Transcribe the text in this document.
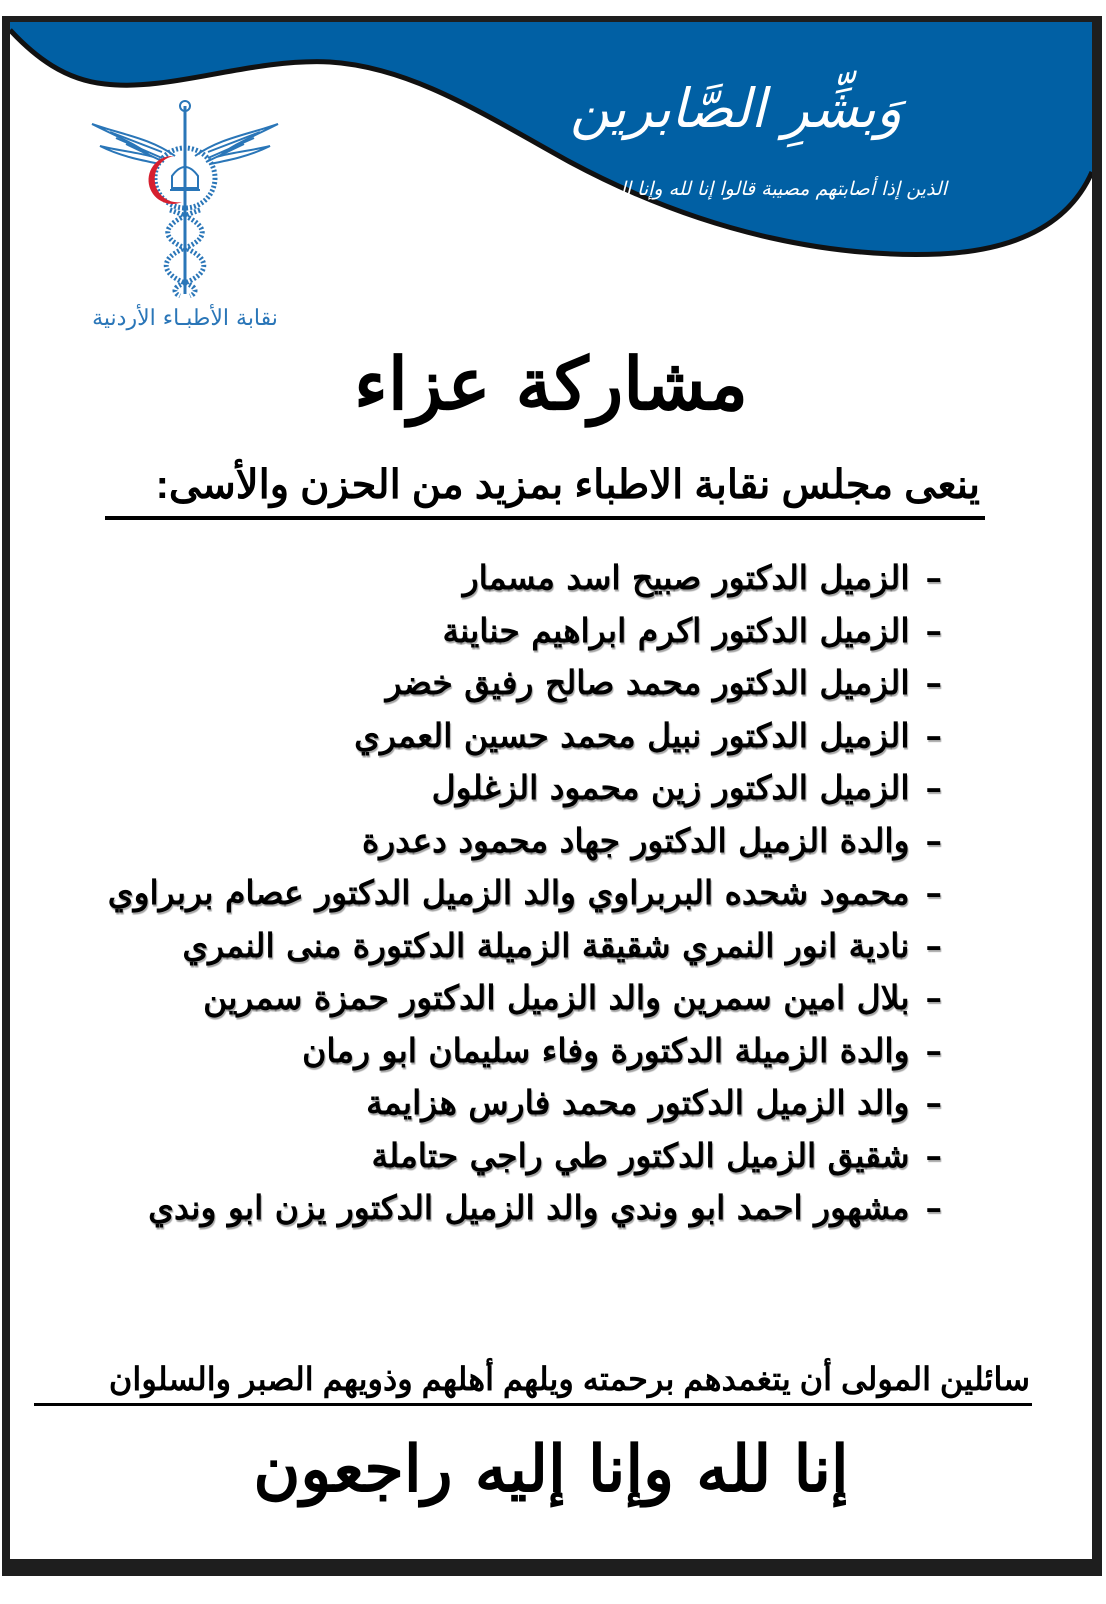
وَبشِّرِ الصَّابرين
الذين إذا أصابتهم مصيبة قالوا إنا لله وإنا إليه راجعون
نقابة الأطبـاء الأردنية
مشاركة عزاء
ينعى مجلس نقابة الاطباء بمزيد من الحزن والأسى:
–الزميل الدكتور صبيح اسد مسمار
–الزميل الدكتور اكرم ابراهيم حناينة
–الزميل الدكتور محمد صالح رفيق خضر
–الزميل الدكتور نبيل محمد حسين العمري
–الزميل الدكتور زين محمود الزغلول
–والدة الزميل الدكتور جهاد محمود دعدرة
–محمود شحده البربراوي والد الزميل الدكتور عصام بربراوي
–نادية انور النمري شقيقة الزميلة الدكتورة منى النمري
–بلال امين سمرين والد الزميل الدكتور حمزة سمرين
–والدة الزميلة الدكتورة وفاء سليمان ابو رمان
–والد الزميل الدكتور محمد فارس هزايمة
–شقيق الزميل الدكتور طي راجي حتاملة
–مشهور احمد ابو وندي والد الزميل الدكتور يزن ابو وندي
سائلين المولى أن يتغمدهم برحمته ويلهم أهلهم وذويهم الصبر والسلوان
إنا لله وإنا إليه راجعون
